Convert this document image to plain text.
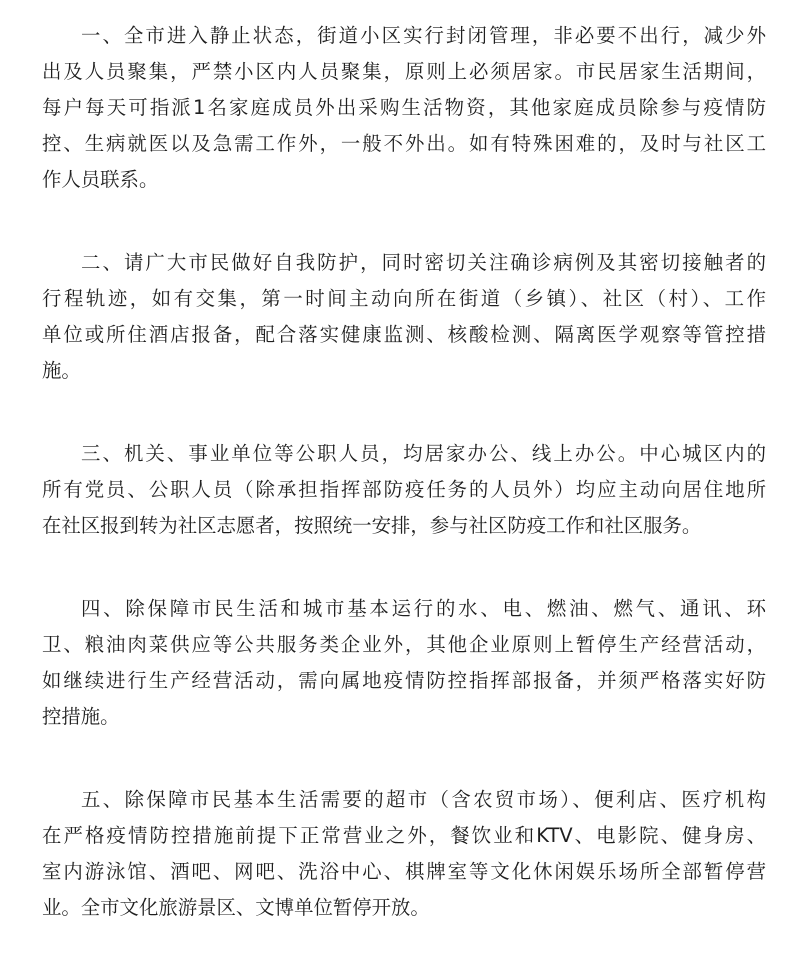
一、全市进入静止状态，街道小区实行封闭管理，非必要不出行，减少外
出及人员聚集，严禁小区内人员聚集，原则上必须居家。市民居家生活期间，
每户每天可指派1名家庭成员外出采购生活物资，其他家庭成员除参与疫情防
控、生病就医以及急需工作外，一般不外出。如有特殊困难的，及时与社区工
作人员联系。

二、请广大市民做好自我防护，同时密切关注确诊病例及其密切接触者的
行程轨迹，如有交集，第一时间主动向所在街道（乡镇）、社区（村）、工作
单位或所住酒店报备，配合落实健康监测、核酸检测、隔离医学观察等管控措
施。

三、机关、事业单位等公职人员，均居家办公、线上办公。中心城区内的
所有党员、公职人员（除承担指挥部防疫任务的人员外）均应主动向居住地所
在社区报到转为社区志愿者，按照统一安排，参与社区防疫工作和社区服务。

四、除保障市民生活和城市基本运行的水、电、燃油、燃气、通讯、环
卫、粮油肉菜供应等公共服务类企业外，其他企业原则上暂停生产经营活动，
如继续进行生产经营活动，需向属地疫情防控指挥部报备，并须严格落实好防
控措施。

五、除保障市民基本生活需要的超市（含农贸市场）、便利店、医疗机构
在严格疫情防控措施前提下正常营业之外，餐饮业和KTV、电影院、健身房、
室内游泳馆、酒吧、网吧、洗浴中心、棋牌室等文化休闲娱乐场所全部暂停营
业。全市文化旅游景区、文博单位暂停开放。
